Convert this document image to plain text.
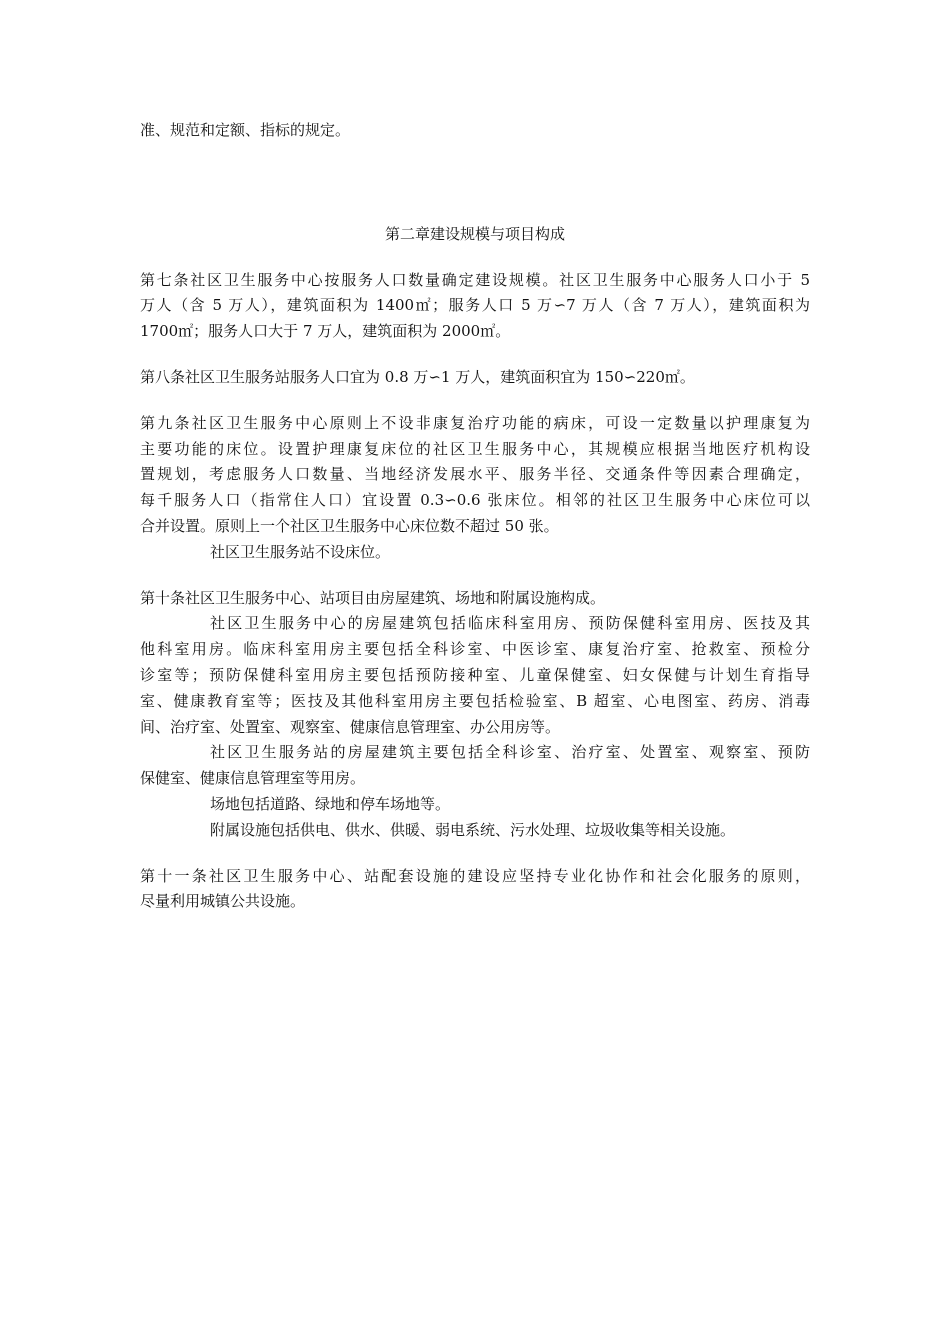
准、规范和定额、指标的规定。
第二章建设规模与项目构成
第七条社区卫生服务中心按服务人口数量确定建设规模。社区卫生服务中心服务人口小于 5
万人（含 5 万人），建筑面积为 1400㎡；服务人口 5 万∽7 万人（含 7 万人），建筑面积为
1700㎡；服务人口大于 7 万人，建筑面积为 2000㎡。
第八条社区卫生服务站服务人口宜为 0.8 万∽1 万人，建筑面积宜为 150∽220㎡。
第九条社区卫生服务中心原则上不设非康复治疗功能的病床，可设一定数量以护理康复为
主要功能的床位。设置护理康复床位的社区卫生服务中心，其规模应根据当地医疗机构设
置规划，考虑服务人口数量、当地经济发展水平、服务半径、交通条件等因素合理确定，
每千服务人口（指常住人口）宜设置 0.3∽0.6 张床位。相邻的社区卫生服务中心床位可以
合并设置。原则上一个社区卫生服务中心床位数不超过 50 张。
社区卫生服务站不设床位。
第十条社区卫生服务中心、站项目由房屋建筑、场地和附属设施构成。
社区卫生服务中心的房屋建筑包括临床科室用房、预防保健科室用房、医技及其
他科室用房。临床科室用房主要包括全科诊室、中医诊室、康复治疗室、抢救室、预检分
诊室等；预防保健科室用房主要包括预防接种室、儿童保健室、妇女保健与计划生育指导
室、健康教育室等；医技及其他科室用房主要包括检验室、B 超室、心电图室、药房、消毒
间、治疗室、处置室、观察室、健康信息管理室、办公用房等。
社区卫生服务站的房屋建筑主要包括全科诊室、治疗室、处置室、观察室、预防
保健室、健康信息管理室等用房。
场地包括道路、绿地和停车场地等。
附属设施包括供电、供水、供暖、弱电系统、污水处理、垃圾收集等相关设施。
第十一条社区卫生服务中心、站配套设施的建设应坚持专业化协作和社会化服务的原则，
尽量利用城镇公共设施。
